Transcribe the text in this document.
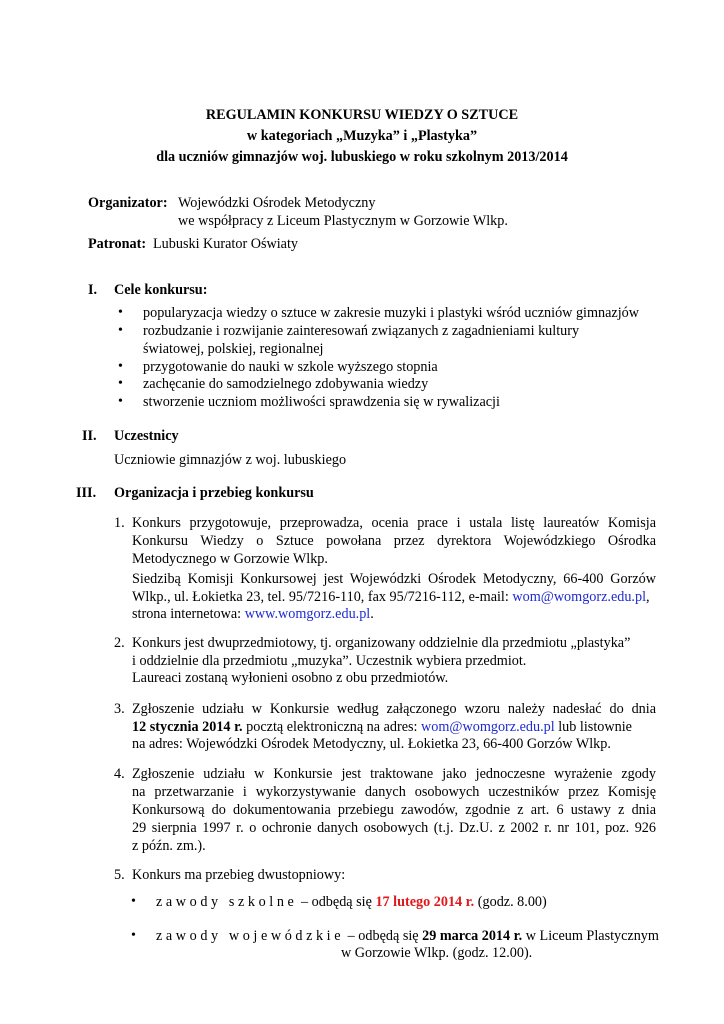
REGULAMIN KONKURSU WIEDZY O SZTUCE
w kategoriach „Muzyka” i „Plastyka”
dla uczniów gimnazjów woj. lubuskiego w roku szkolnym 2013/2014
Organizator: Wojewódzki Ośrodek Metodyczny
we współpracy z Liceum Plastycznym w Gorzowie Wlkp.
Patronat: Lubuski Kurator Oświaty
I. Cele konkursu:
• popularyzacja wiedzy o sztuce w zakresie muzyki i plastyki wśród uczniów gimnazjów
• rozbudzanie i rozwijanie zainteresowań związanych z zagadnieniami kultury
światowej, polskiej, regionalnej
• przygotowanie do nauki w szkole wyższego stopnia
• zachęcanie do samodzielnego zdobywania wiedzy
• stworzenie uczniom możliwości sprawdzenia się w rywalizacji
II. Uczestnicy
Uczniowie gimnazjów z woj. lubuskiego
III. Organizacja i przebieg konkursu
1. Konkurs przygotowuje, przeprowadza, ocenia prace i ustala listę laureatów Komisja
Konkursu Wiedzy o Sztuce powołana przez dyrektora Wojewódzkiego Ośrodka
Metodycznego w Gorzowie Wlkp.
Siedzibą Komisji Konkursowej jest Wojewódzki Ośrodek Metodyczny, 66-400 Gorzów
Wlkp., ul. Łokietka 23, tel. 95/7216-110, fax 95/7216-112, e-mail: wom@womgorz.edu.pl,
strona internetowa: www.womgorz.edu.pl.
2. Konkurs jest dwuprzedmiotowy, tj. organizowany oddzielnie dla przedmiotu „plastyka”
i oddzielnie dla przedmiotu „muzyka”. Uczestnik wybiera przedmiot.
Laureaci zostaną wyłonieni osobno z obu przedmiotów.
3. Zgłoszenie udziału w Konkursie według załączonego wzoru należy nadesłać do dnia
12 stycznia 2014 r. pocztą elektroniczną na adres: wom@womgorz.edu.pl lub listownie
na adres: Wojewódzki Ośrodek Metodyczny, ul. Łokietka 23, 66-400 Gorzów Wlkp.
4. Zgłoszenie udziału w Konkursie jest traktowane jako jednoczesne wyrażenie zgody
na przetwarzanie i wykorzystywanie danych osobowych uczestników przez Komisję
Konkursową do dokumentowania przebiegu zawodów, zgodnie z art. 6 ustawy z dnia
29 sierpnia 1997 r. o ochronie danych osobowych (t.j. Dz.U. z 2002 r. nr 101, poz. 926
z późn. zm.).
5. Konkurs ma przebieg dwustopniowy:
• zawody szkolne – odbędą się 17 lutego 2014 r. (godz. 8.00)
• zawody wojewódzkie – odbędą się 29 marca 2014 r. w Liceum Plastycznym
w Gorzowie Wlkp. (godz. 12.00).
